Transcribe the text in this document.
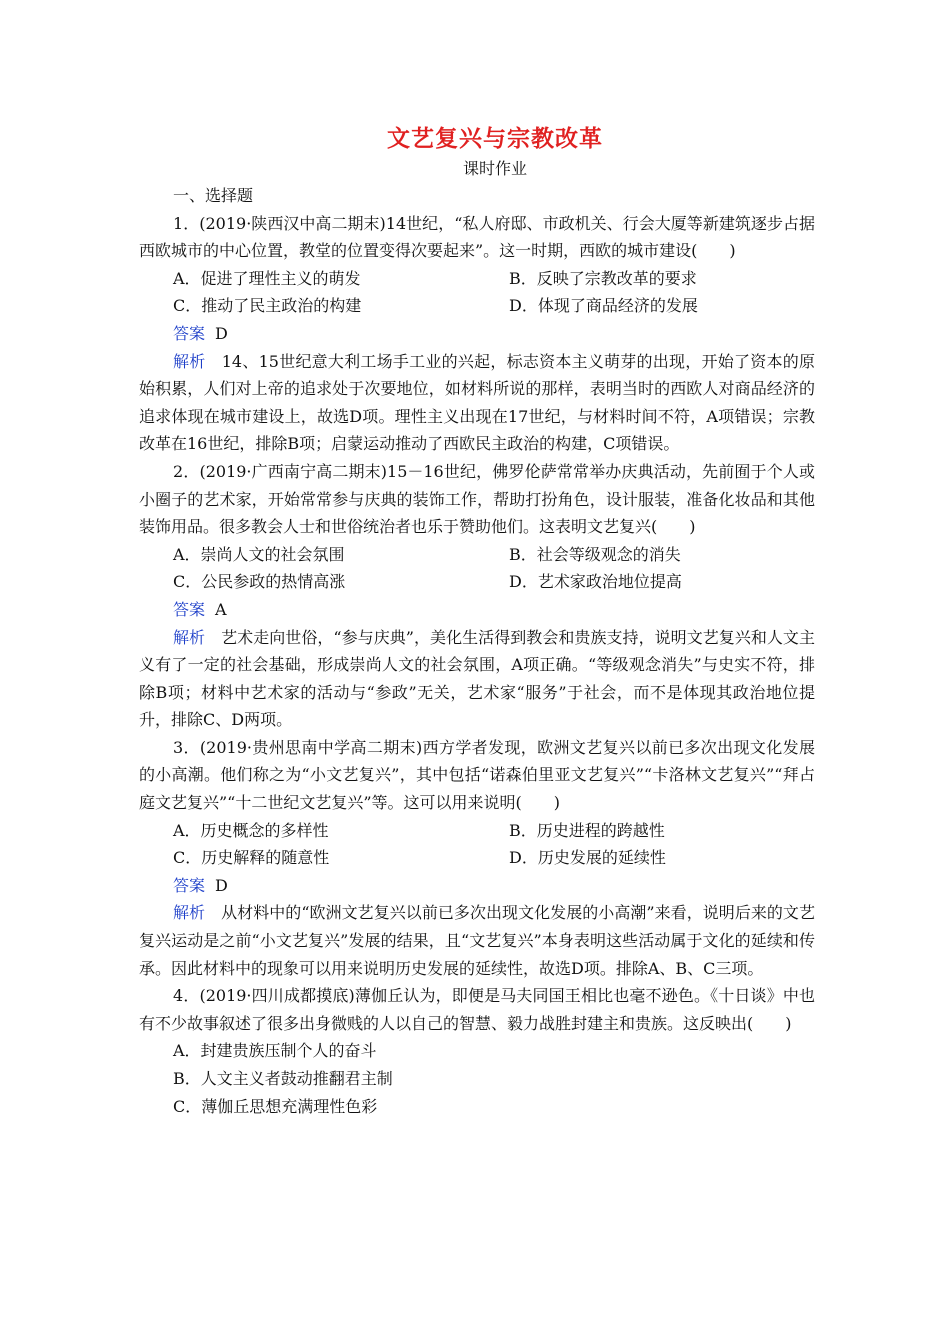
文艺复兴与宗教改革
课时作业
一、选择题

1．(2019·陕西汉中高二期末)14世纪，“私人府邸、市政机关、行会大厦等新建筑逐步占据西欧城市的中心位置，教堂的位置变得次要起来”。这一时期，西欧的城市建设(　　)

A．促进了理性主义的萌发	B．反映了宗教改革的要求
C．推动了民主政治的构建	D．体现了商品经济的发展
答案 D

解析　 14、15世纪意大利工场手工业的兴起，标志资本主义萌芽的出现，开始了资本的原始积累，人们对上帝的追求处于次要地位，如材料所说的那样，表明当时的西欧人对商品经济的追求体现在城市建设上，故选D项。理性主义出现在17世纪，与材料时间不符，A项错误；宗教改革在16世纪，排除B项；启蒙运动推动了西欧民主政治的构建，C项错误。

2．(2019·广西南宁高二期末)15－16世纪，佛罗伦萨常常举办庆典活动，先前囿于个人或小圈子的艺术家，开始常常参与庆典的装饰工作，帮助打扮角色，设计服装，准备化妆品和其他装饰用品。很多教会人士和世俗统治者也乐于赞助他们。这表明文艺复兴(　　)

A．崇尚人文的社会氛围	B．社会等级观念的消失
C．公民参政的热情高涨	D．艺术家政治地位提高
答案 A

解析　 艺术走向世俗，“参与庆典”，美化生活得到教会和贵族支持，说明文艺复兴和人文主义有了一定的社会基础，形成崇尚人文的社会氛围，A项正确。“等级观念消失”与史实不符，排除B项；材料中艺术家的活动与“参政”无关，艺术家“服务”于社会，而不是体现其政治地位提升，排除C、D两项。

3．(2019·贵州思南中学高二期末)西方学者发现，欧洲文艺复兴以前已多次出现文化发展的小高潮。他们称之为“小文艺复兴”，其中包括“诺森伯里亚文艺复兴”“卡洛林文艺复兴”“拜占庭文艺复兴”“十二世纪文艺复兴”等。这可以用来说明(　　)

A．历史概念的多样性	B．历史进程的跨越性
C．历史解释的随意性	D．历史发展的延续性
答案 D

解析　 从材料中的“欧洲文艺复兴以前已多次出现文化发展的小高潮”来看，说明后来的文艺复兴运动是之前“小文艺复兴”发展的结果，且“文艺复兴”本身表明这些活动属于文化的延续和传承。因此材料中的现象可以用来说明历史发展的延续性，故选D项。排除A、B、C三项。

4．(2019·四川成都摸底)薄伽丘认为，即便是马夫同国王相比也毫不逊色。《十日谈》中也有不少故事叙述了很多出身微贱的人以自己的智慧、毅力战胜封建主和贵族。这反映出(　　)

A．封建贵族压制个人的奋斗
B．人文主义者鼓动推翻君主制
C．薄伽丘思想充满理性色彩
